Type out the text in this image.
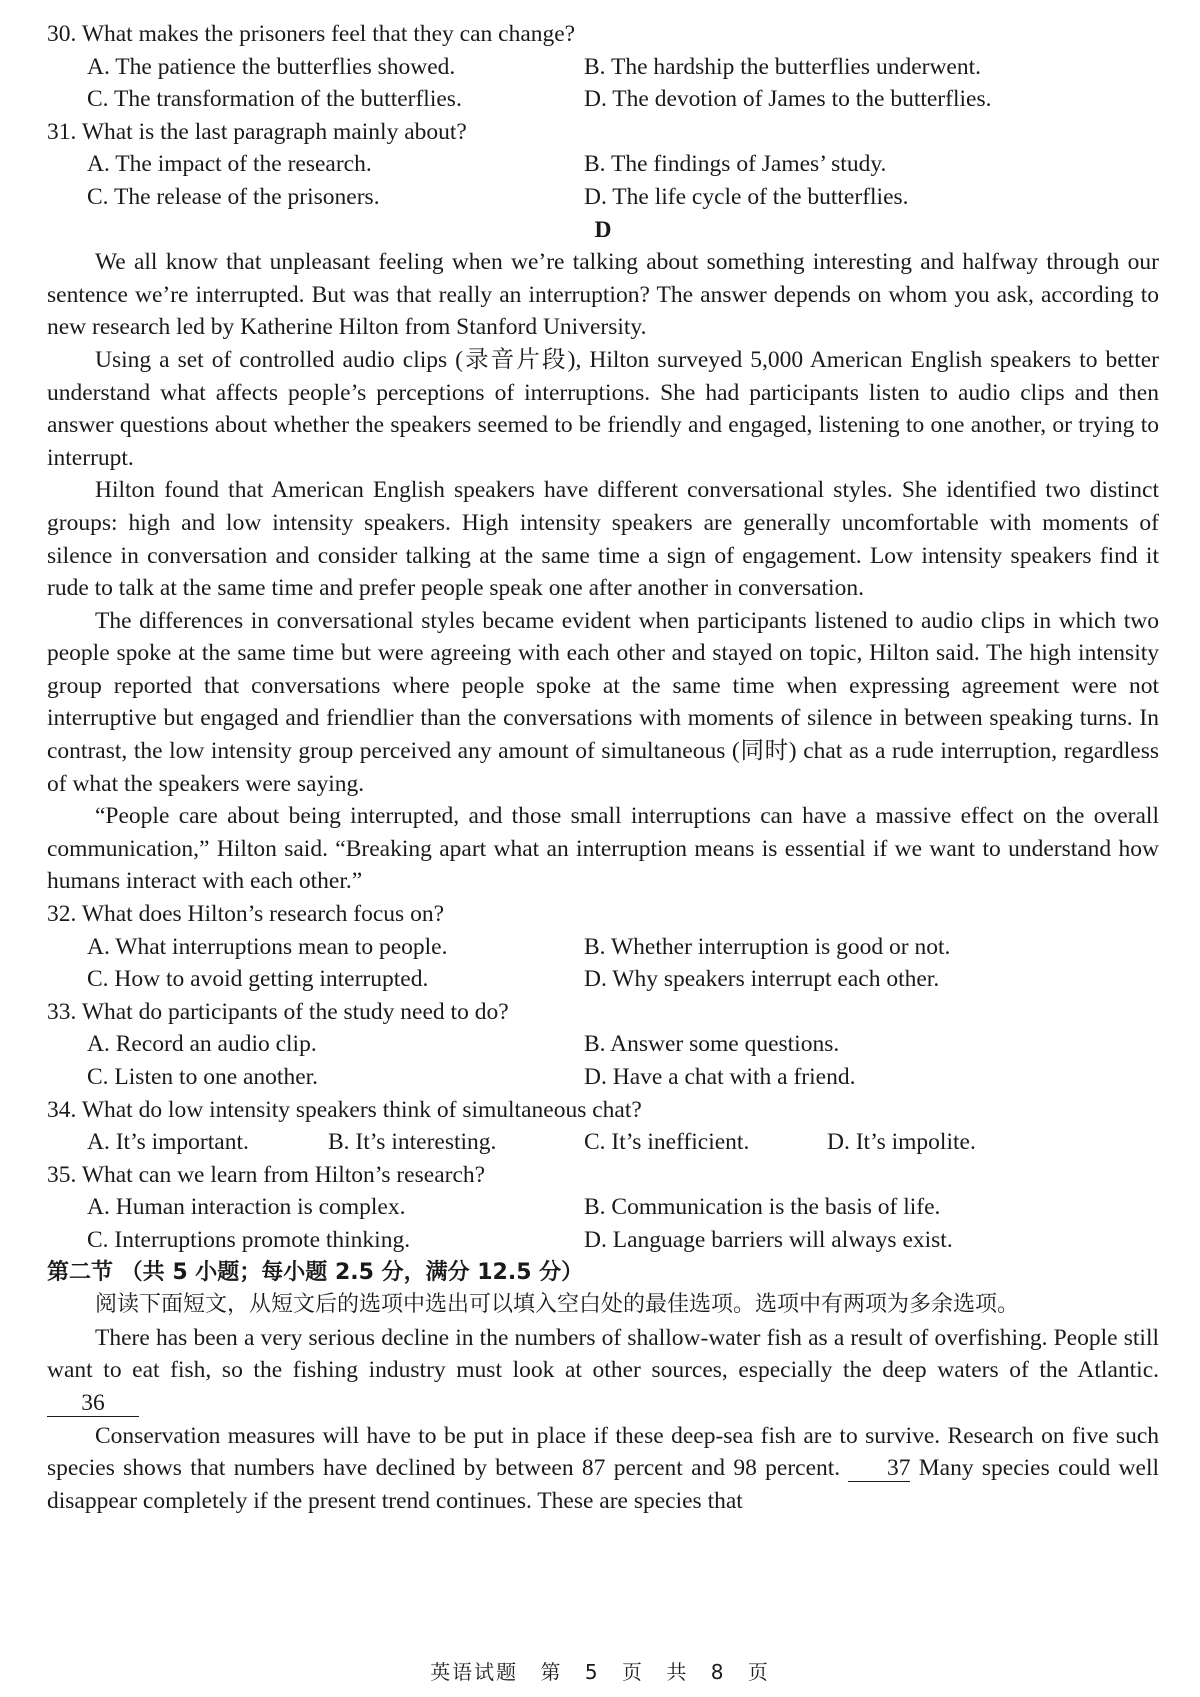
30. What makes the prisoners feel that they can change?

A. The patience the butterflies showed.	B. The hardship the butterflies underwent.
C. The transformation of the butterflies.	D. The devotion of James to the butterflies.

31. What is the last paragraph mainly about?

A. The impact of the research.	B. The findings of James’ study.
C. The release of the prisoners.	D. The life cycle of the butterflies.

D

We all know that unpleasant feeling when we’re talking about something interesting and halfway through our sentence we’re interrupted. But was that really an interruption? The answer depends on whom you ask, according to new research led by Katherine Hilton from Stanford University.

Using a set of controlled audio clips (录音片段), Hilton surveyed 5,000 American English speakers to better understand what affects people’s perceptions of interruptions. She had participants listen to audio clips and then answer questions about whether the speakers seemed to be friendly and engaged, listening to one another, or trying to interrupt.

Hilton found that American English speakers have different conversational styles. She identified two distinct groups: high and low intensity speakers. High intensity speakers are generally uncomfortable with moments of silence in conversation and consider talking at the same time a sign of engagement. Low intensity speakers find it rude to talk at the same time and prefer people speak one after another in conversation.

The differences in conversational styles became evident when participants listened to audio clips in which two people spoke at the same time but were agreeing with each other and stayed on topic, Hilton said. The high intensity group reported that conversations where people spoke at the same time when expressing agreement were not interruptive but engaged and friendlier than the conversations with moments of silence in between speaking turns. In contrast, the low intensity group perceived any amount of simultaneous (同时) chat as a rude interruption, regardless of what the speakers were saying.

“People care about being interrupted, and those small interruptions can have a massive effect on the overall communication,” Hilton said. “Breaking apart what an interruption means is essential if we want to understand how humans interact with each other.”

32. What does Hilton’s research focus on?

A. What interruptions mean to people.	B. Whether interruption is good or not.
C. How to avoid getting interrupted.	D. Why speakers interrupt each other.

33. What do participants of the study need to do?

A. Record an audio clip.	B. Answer some questions.
C. Listen to one another.	D. Have a chat with a friend.

34. What do low intensity speakers think of simultaneous chat?

A. It’s important.	B. It’s interesting.	C. It’s inefficient.	D. It’s impolite.

35. What can we learn from Hilton’s research?

A. Human interaction is complex.	B. Communication is the basis of life.
C. Interruptions promote thinking.	D. Language barriers will always exist.

第二节 （共 5 小题；每小题 2.5 分，满分 12.5 分）

阅读下面短文，从短文后的选项中选出可以填入空白处的最佳选项。选项中有两项为多余选项。

There has been a very serious decline in the numbers of shallow-water fish as a result of overfishing. People still want to eat fish, so the fishing industry must look at other sources, especially the deep waters of the Atlantic. 36

Conservation measures will have to be put in place if these deep-sea fish are to survive. Research on five such species shows that numbers have declined by between 87 percent and 98 percent. 37 Many species could well disappear completely if the present trend continues. These are species that

英语试题 第 5 页 共 8 页
